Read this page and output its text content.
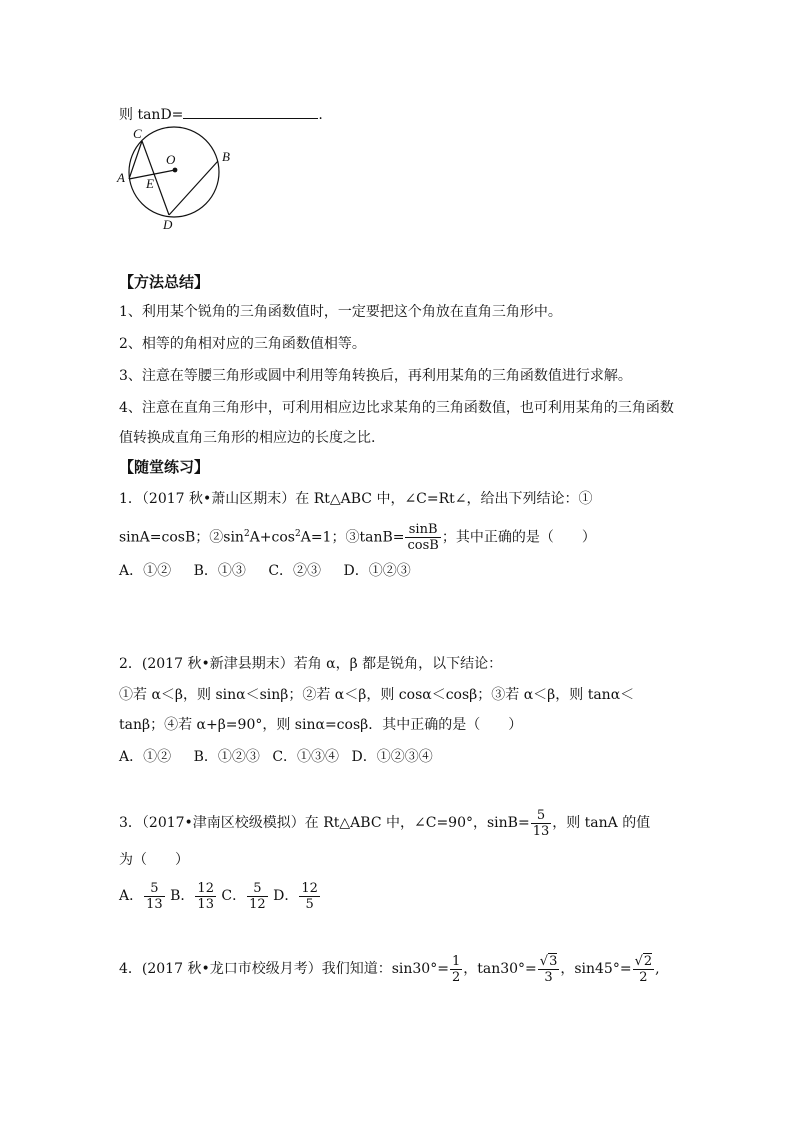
则 tanD=	.
C
O	B
A E
D
【方法总结】
1、利用某个锐角的三角函数值时，一定要把这个角放在直角三角形中。
2、相等的角相对应的三角函数值相等。
3、注意在等腰三角形或圆中利用等角转换后，再利用某角的三角函数值进行求解。
4、注意在直角三角形中，可利用相应边比求某角的三角函数值，也可利用某角的三角函数
值转换成直角三角形的相应边的长度之比.
【随堂练习】
1．（2017 秋•萧山区期末）在 Rt△ABC 中，∠C=Rt∠，给出下列结论：①
sinA=cosB；$②\sin^2A+\cos^2A=1$；③tanB= $\frac{\sin B}{\cos B}$ ；其中正确的是（　　）
A．①② B．①③ C．②③ D．①②③
2．(2017 秋•新津县期末）若角 α，β 都是锐角，以下结论：
①若 α＜β，则 sinα＜sinβ；②若 α＜β，则 cosα＜cosβ；③若 α＜β，则 tanα＜
tanβ；④若 α+β=90°，则 sinα=cosβ．其中正确的是（　　）
A．①② B．①②③ C．①③④ D．①②③④
3．（2017•津南区校级模拟）在 Rt△ABC 中，∠C=90°，$\sin B= \frac{5}{13}$ ，则 tanA 的值
为（　　）
A． $\frac{5}{13}$ B． $\frac{12}{13}$ C． $\frac{5}{12}$ D． $\frac{12}{5}$
4．(2017 秋•龙口市校级月考）我们知道：$\sin 30^\circ= \frac{1}{2}$ ，$\tan 30^\circ= \frac{√3}{3}$ ，$\sin 45^\circ= \frac{√2}{2}$ ,
